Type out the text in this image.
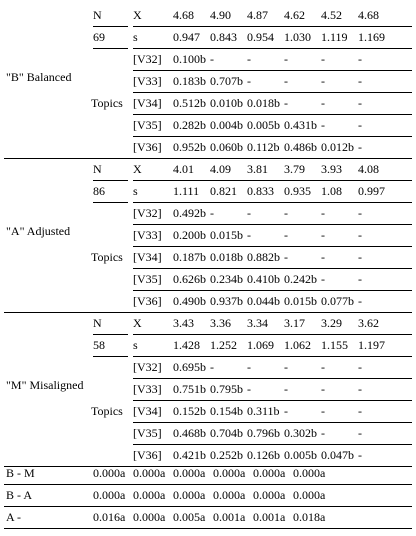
"B" Balanced
N	X	4.68 4.90 4.87 4.62 4.52 4.68
69 s	0.947 0.843 0.954 1.030 1.119 1.169
Topics
[V32] 0.100b -	-	-	-	-
[V33] 0.183b 0.707b -	-	-	-
[V34] 0.512b 0.010b 0.018b -	-	-
[V35] 0.282b 0.004b 0.005b 0.431b -	-
[V36] 0.952b 0.060b 0.112b 0.486b 0.012b -
"A" Adjusted
N	X	4.01 4.09 3.81 3.79 3.93 4.08
86 s	1.111 0.821 0.833 0.935 1.08 0.997
Topics
[V32] 0.492b -	-	-	-	-
[V33] 0.200b 0.015b -	-	-	-
[V34] 0.187b 0.018b 0.882b -	-	-
[V35] 0.626b 0.234b 0.410b 0.242b -	-
[V36] 0.490b 0.937b 0.044b 0.015b 0.077b -
"M" Misaligned
N	X	3.43 3.36 3.34 3.17 3.29 3.62
58 s	1.428 1.252 1.069 1.062 1.155 1.197
Topics
[V32] 0.695b -	-	-	-	-
[V33] 0.751b 0.795b -	-	-	-
[V34] 0.152b 0.154b 0.311b -	-	-
[V35] 0.468b 0.704b 0.796b 0.302b -	-
[V36] 0.421b 0.252b 0.126b 0.005b 0.047b -
B - M	0.000a 0.000a 0.000a 0.000a 0.000a 0.000a
B - A	0.000a 0.000a 0.000a 0.000a 0.000a 0.000a
A -	0.016a 0.000a 0.005a 0.001a 0.001a 0.018a
